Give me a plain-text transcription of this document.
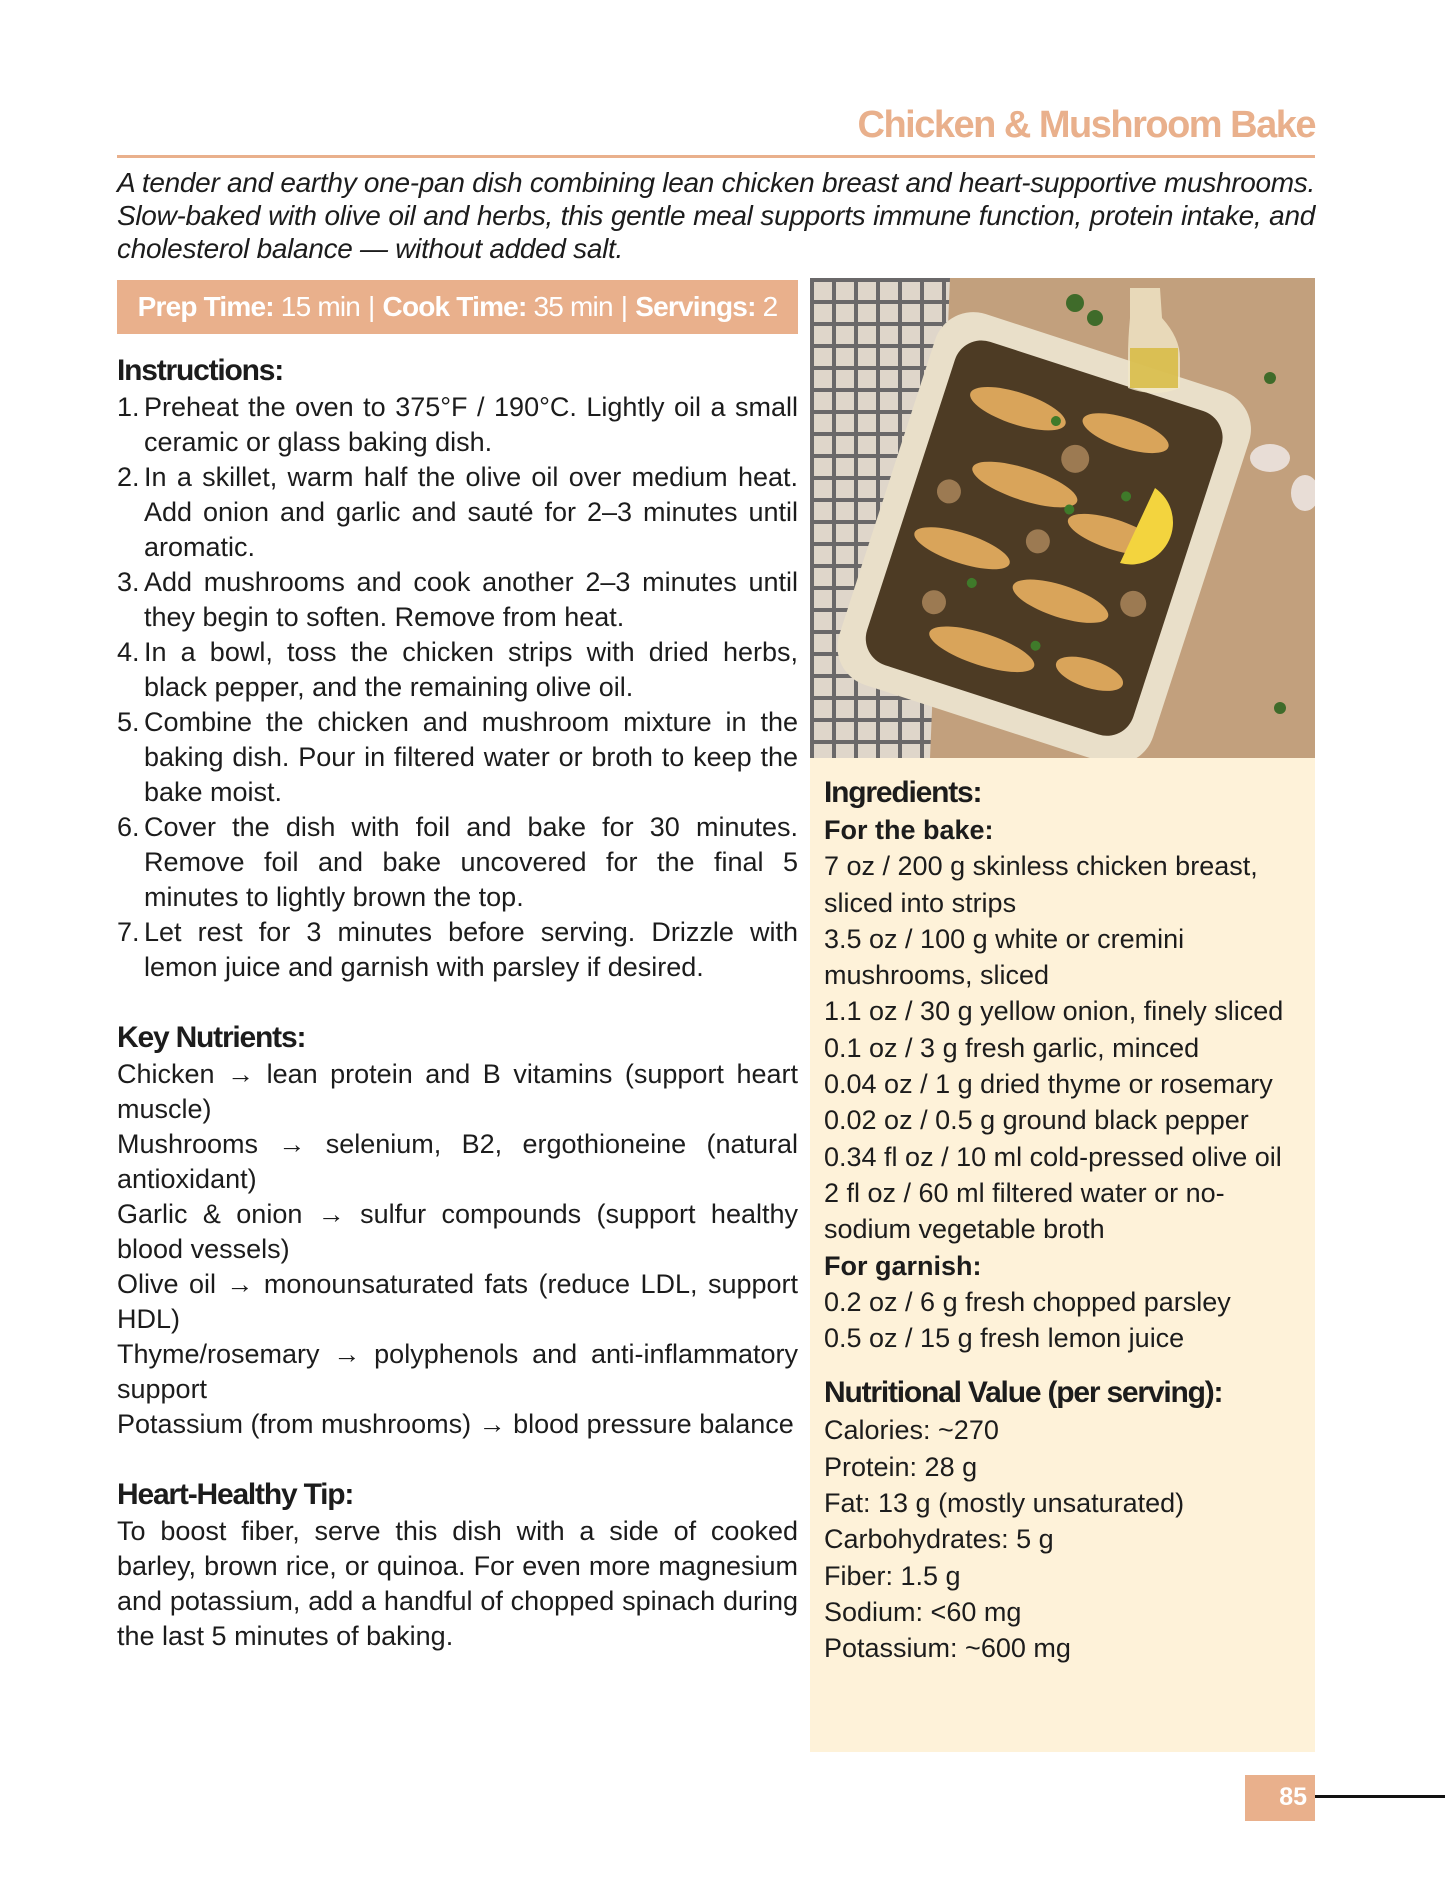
Chicken & Mushroom Bake
A tender and earthy one-pan dish combining lean chicken breast and heart-supportive mushrooms. Slow-baked with olive oil and herbs, this gentle meal supports immune function, protein intake, and cholesterol balance — without added salt.
Prep Time:
15 min | Cook Time:
35 min | Servings:
2
Instructions:
1. Preheat the oven to 375°F / 190°C. Lightly oil a small ceramic or glass baking dish.
2. In a skillet, warm half the olive oil over medium heat. Add onion and garlic and sauté for 2–3 minutes until aromatic.
3. Add mushrooms and cook another 2–3 minutes until they begin to soften. Remove from heat.
4. In a bowl, toss the chicken strips with dried herbs, black pepper, and the remaining olive oil.
5. Combine the chicken and mushroom mixture in the baking dish. Pour in filtered water or broth to keep the bake moist.
6. Cover the dish with foil and bake for 30 minutes. Remove foil and bake uncovered for the final 5 minutes to lightly brown the top.
7. Let rest for 3 minutes before serving. Drizzle with lemon juice and garnish with parsley if desired.
Key Nutrients:
Chicken → lean protein and B vitamins (support heart muscle)
Mushrooms → selenium, B2, ergothioneine (natural antioxidant)
Garlic & onion → sulfur compounds (support healthy blood vessels)
Olive oil → monounsaturated fats (reduce LDL, support HDL)
Thyme/rosemary → polyphenols and anti-inflammatory support
Potassium (from mushrooms) → blood pressure balance
Heart-Healthy Tip:
To boost fiber, serve this dish with a side of cooked barley, brown rice, or quinoa. For even more magnesium and potassium, add a handful of chopped spinach during the last 5 minutes of baking.
Ingredients:
For the bake:
7 oz / 200 g skinless chicken breast, sliced into strips
3.5 oz / 100 g white or cremini mushrooms, sliced
1.1 oz / 30 g yellow onion, finely sliced
0.1 oz / 3 g fresh garlic, minced
0.04 oz / 1 g dried thyme or rosemary
0.02 oz / 0.5 g ground black pepper
0.34 fl oz / 10 ml cold-pressed olive oil
2 fl oz / 60 ml filtered water or no-sodium vegetable broth
For garnish:
0.2 oz / 6 g fresh chopped parsley
0.5 oz / 15 g fresh lemon juice
Nutritional Value (per serving):
Calories: ~270
Protein: 28 g
Fat: 13 g (mostly unsaturated)
Carbohydrates: 5 g
Fiber: 1.5 g
Sodium: <60 mg
Potassium: ~600 mg
85
